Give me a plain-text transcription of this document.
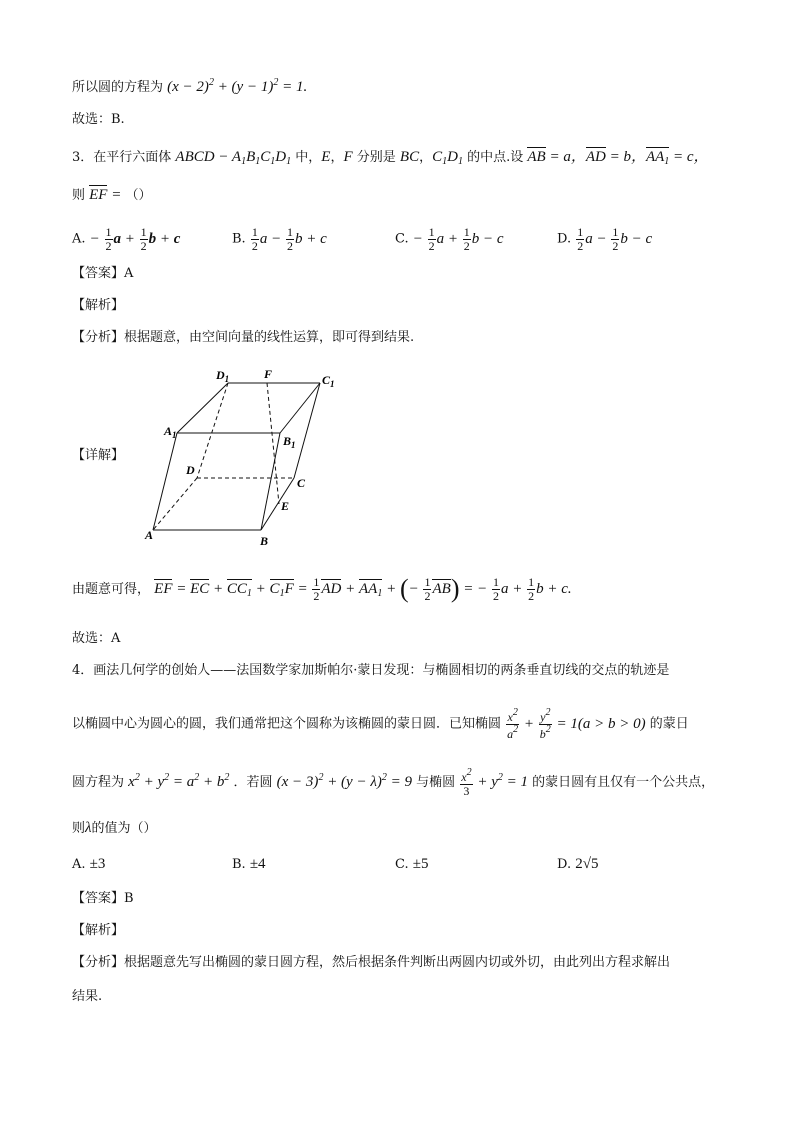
所以圆的方程为 $(x - 2)^2 + (y - 1)^2 = 1$.
故选：B.
3．在平行六面体 ABCD − $A_1B_1C_1D_1$ 中，E，F 分别是 BC，$C_1D_1$ 的中点.设 AB = a，AD = b，$AA_1 = c$，
则 EF = （）
A. − $\frac{1}{2}$ $a + \frac{1}{2}$ b + c	B. $\frac{1}{2}$ $a - \frac{1}{2}$ b + c	C. − $\frac{1}{2}$ $a + \frac{1}{2}$ b − c	D. $\frac{1}{2}$ $a - \frac{1}{2}$ b − c
【答案】A
【解析】
【分析】根据题意，由空间向量的线性运算，即可得到结果.
【详解】
$D_1$	F	$C_1$
$A_1$	$B_1$
D
C
E
A	B
由题意可得， EF = EC + $CC_1 + C_1F = \frac{1}{2}$ AD + $AA_1$ + (− $\frac{1}{2} AB$) = − $\frac{1}{2}$ $a + \frac{1}{2}$ b + c.
故选：A
4．画法几何学的创始人——法国数学家加斯帕尔·蒙日发现：与椭圆相切的两条垂直切线的交点的轨迹是
以椭圆中心为圆心的圆，我们通常把这个圆称为该椭圆的蒙日圆．已知椭圆 $\frac{x^2}{a^2} + \frac{y^2}{b^2} = 1(a > b > 0)$ 的蒙日
圆方程为 $x^2 + y^2 = a^2 + b^2$ ．若圆 $(x - 3)^2 + (y - \lambda)^2 = 9$ 与椭圆 $\frac{x^2}{3} + y^2 = 1$ 的蒙日圆有且仅有一个公共点，
则λ的值为（）
A. ±3	B. ±4	C. ±5	D. 2√5
【答案】B
【解析】
【分析】根据题意先写出椭圆的蒙日圆方程，然后根据条件判断出两圆内切或外切，由此列出方程求解出
结果.
